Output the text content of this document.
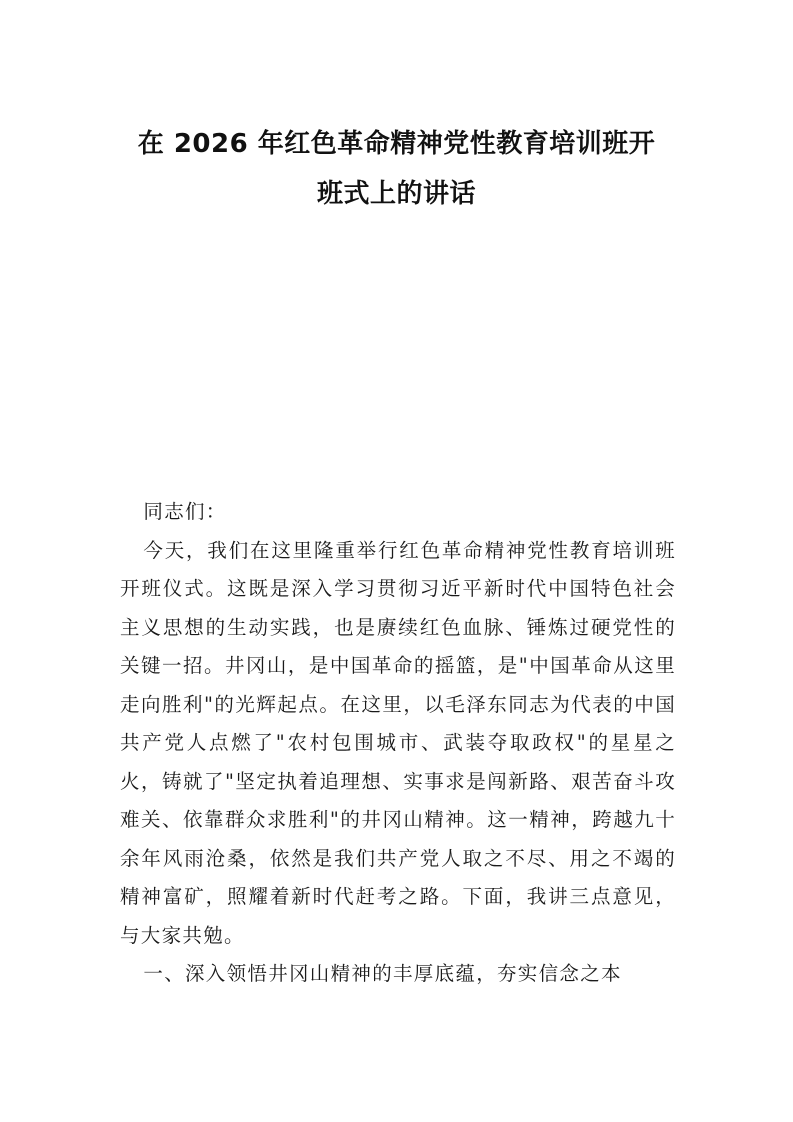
在 2026 年红色革命精神党性教育培训班开
班式上的讲话

同志们：

今天，我们在这里隆重举行红色革命精神党性教育培训班开班仪式。这既是深入学习贯彻习近平新时代中国特色社会主义思想的生动实践，也是赓续红色血脉、锤炼过硬党性的关键一招。井冈山，是中国革命的摇篮，是"中国革命从这里走向胜利"的光辉起点。在这里，以毛泽东同志为代表的中国共产党人点燃了"农村包围城市、武装夺取政权"的星星之火，铸就了"坚定执着追理想、实事求是闯新路、艰苦奋斗攻难关、依靠群众求胜利"的井冈山精神。这一精神，跨越九十余年风雨沧桑，依然是我们共产党人取之不尽、用之不竭的精神富矿，照耀着新时代赶考之路。下面，我讲三点意见，与大家共勉。

一、深入领悟井冈山精神的丰厚底蕴，夯实信念之本
